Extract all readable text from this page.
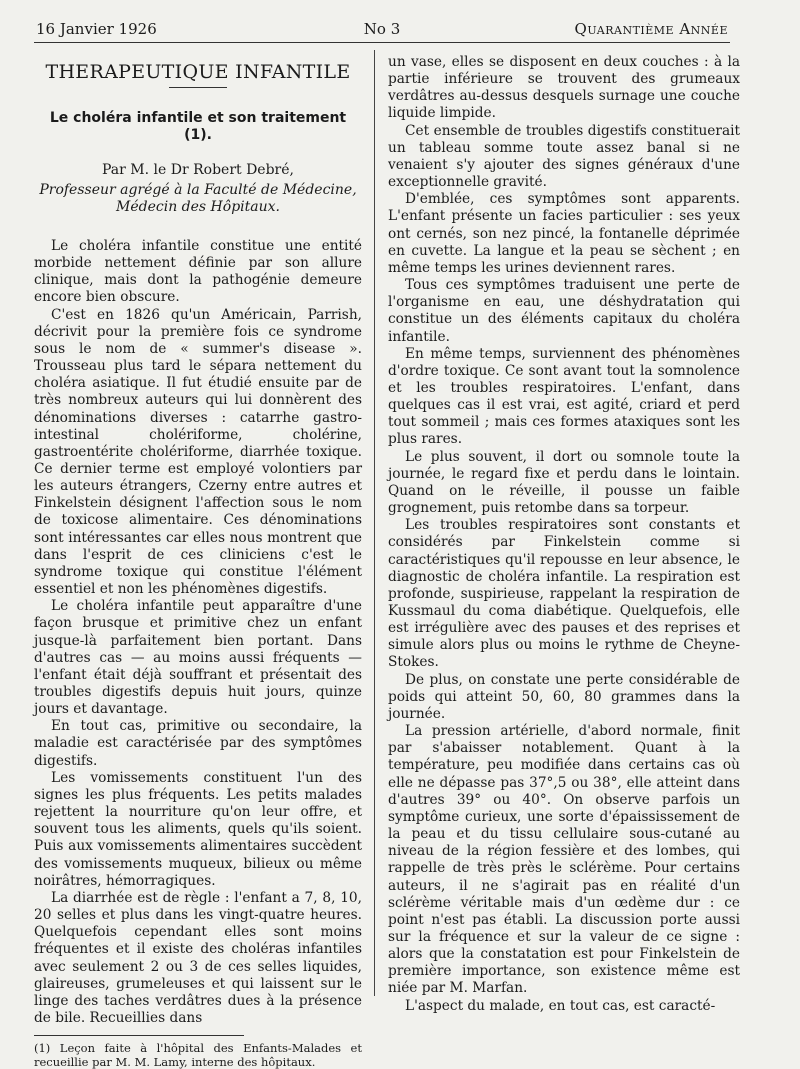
16 Janvier 1926	No 3	Quarantième Année
THERAPEUTIQUE INFANTILE
Le choléra infantile et son traitement (1).
Par M. le Dr Robert Debré,
Professeur agrégé à la Faculté de Médecine,
Médecin des Hôpitaux.

Le choléra infantile constitue une entité morbide nettement définie par son allure clinique, mais dont la pathogénie demeure encore bien obscure.

C'est en 1826 qu'un Américain, Parrish, décrivit pour la première fois ce syndrome sous le nom de « summer's disease ». Trousseau plus tard le sépara nettement du choléra asiatique. Il fut étudié ensuite par de très nombreux auteurs qui lui donnèrent des dénominations diverses : catarrhe gastro-intestinal cholériforme, cholérine, gastroentérite cholériforme, diarrhée toxique. Ce dernier terme est employé volontiers par les auteurs étrangers, Czerny entre autres et Finkelstein désignent l'affection sous le nom de toxicose alimentaire. Ces dénominations sont intéressantes car elles nous montrent que dans l'esprit de ces cliniciens c'est le syndrome toxique qui constitue l'élément essentiel et non les phénomènes digestifs.

Le choléra infantile peut apparaître d'une façon brusque et primitive chez un enfant jusque-là parfaitement bien portant. Dans d'autres cas — au moins aussi fréquents — l'enfant était déjà souffrant et présentait des troubles digestifs depuis huit jours, quinze jours et davantage.

En tout cas, primitive ou secondaire, la maladie est caractérisée par des symptômes digestifs.

Les vomissements constituent l'un des signes les plus fréquents. Les petits malades rejettent la nourriture qu'on leur offre, et souvent tous les aliments, quels qu'ils soient. Puis aux vomissements alimentaires succèdent des vomissements muqueux, bilieux ou même noirâtres, hémorragiques.

La diarrhée est de règle : l'enfant a 7, 8, 10, 20 selles et plus dans les vingt-quatre heures. Quelquefois cependant elles sont moins fréquentes et il existe des choléras infantiles avec seulement 2 ou 3 de ces selles liquides, glaireuses, grumeleuses et qui laissent sur le linge des taches verdâtres dues à la présence de bile. Recueillies dans

(1) Leçon faite à l'hôpital des Enfants-Malades et recueillie par M. M. Lamy, interne des hôpitaux.

un vase, elles se disposent en deux couches : à la partie inférieure se trouvent des grumeaux verdâtres au-dessus desquels surnage une couche liquide limpide.

Cet ensemble de troubles digestifs constituerait un tableau somme toute assez banal si ne venaient s'y ajouter des signes généraux d'une exceptionnelle gravité.

D'emblée, ces symptômes sont apparents. L'enfant présente un facies particulier : ses yeux ont cernés, son nez pincé, la fontanelle déprimée en cuvette. La langue et la peau se sèchent ; en même temps les urines deviennent rares.

Tous ces symptômes traduisent une perte de l'organisme en eau, une déshydratation qui constitue un des éléments capitaux du choléra infantile.

En même temps, surviennent des phénomènes d'ordre toxique. Ce sont avant tout la somnolence et les troubles respiratoires. L'enfant, dans quelques cas il est vrai, est agité, criard et perd tout sommeil ; mais ces formes ataxiques sont les plus rares.

Le plus souvent, il dort ou somnole toute la journée, le regard fixe et perdu dans le lointain. Quand on le réveille, il pousse un faible grognement, puis retombe dans sa torpeur.

Les troubles respiratoires sont constants et considérés par Finkelstein comme si caractéristiques qu'il repousse en leur absence, le diagnostic de choléra infantile. La respiration est profonde, suspirieuse, rappelant la respiration de Kussmaul du coma diabétique. Quelquefois, elle est irrégulière avec des pauses et des reprises et simule alors plus ou moins le rythme de Cheyne-Stokes.

De plus, on constate une perte considérable de poids qui atteint 50, 60, 80 grammes dans la journée.

La pression artérielle, d'abord normale, finit par s'abaisser notablement. Quant à la température, peu modifiée dans certains cas où elle ne dépasse pas 37°,5 ou 38°, elle atteint dans d'autres 39° ou 40°. On observe parfois un symptôme curieux, une sorte d'épaississement de la peau et du tissu cellulaire sous-cutané au niveau de la région fessière et des lombes, qui rappelle de très près le sclérème. Pour certains auteurs, il ne s'agirait pas en réalité d'un sclérème véritable mais d'un œdème dur : ce point n'est pas établi. La discussion porte aussi sur la fréquence et sur la valeur de ce signe : alors que la constatation est pour Finkelstein de première importance, son existence même est niée par M. Marfan.

L'aspect du malade, en tout cas, est caracté-
